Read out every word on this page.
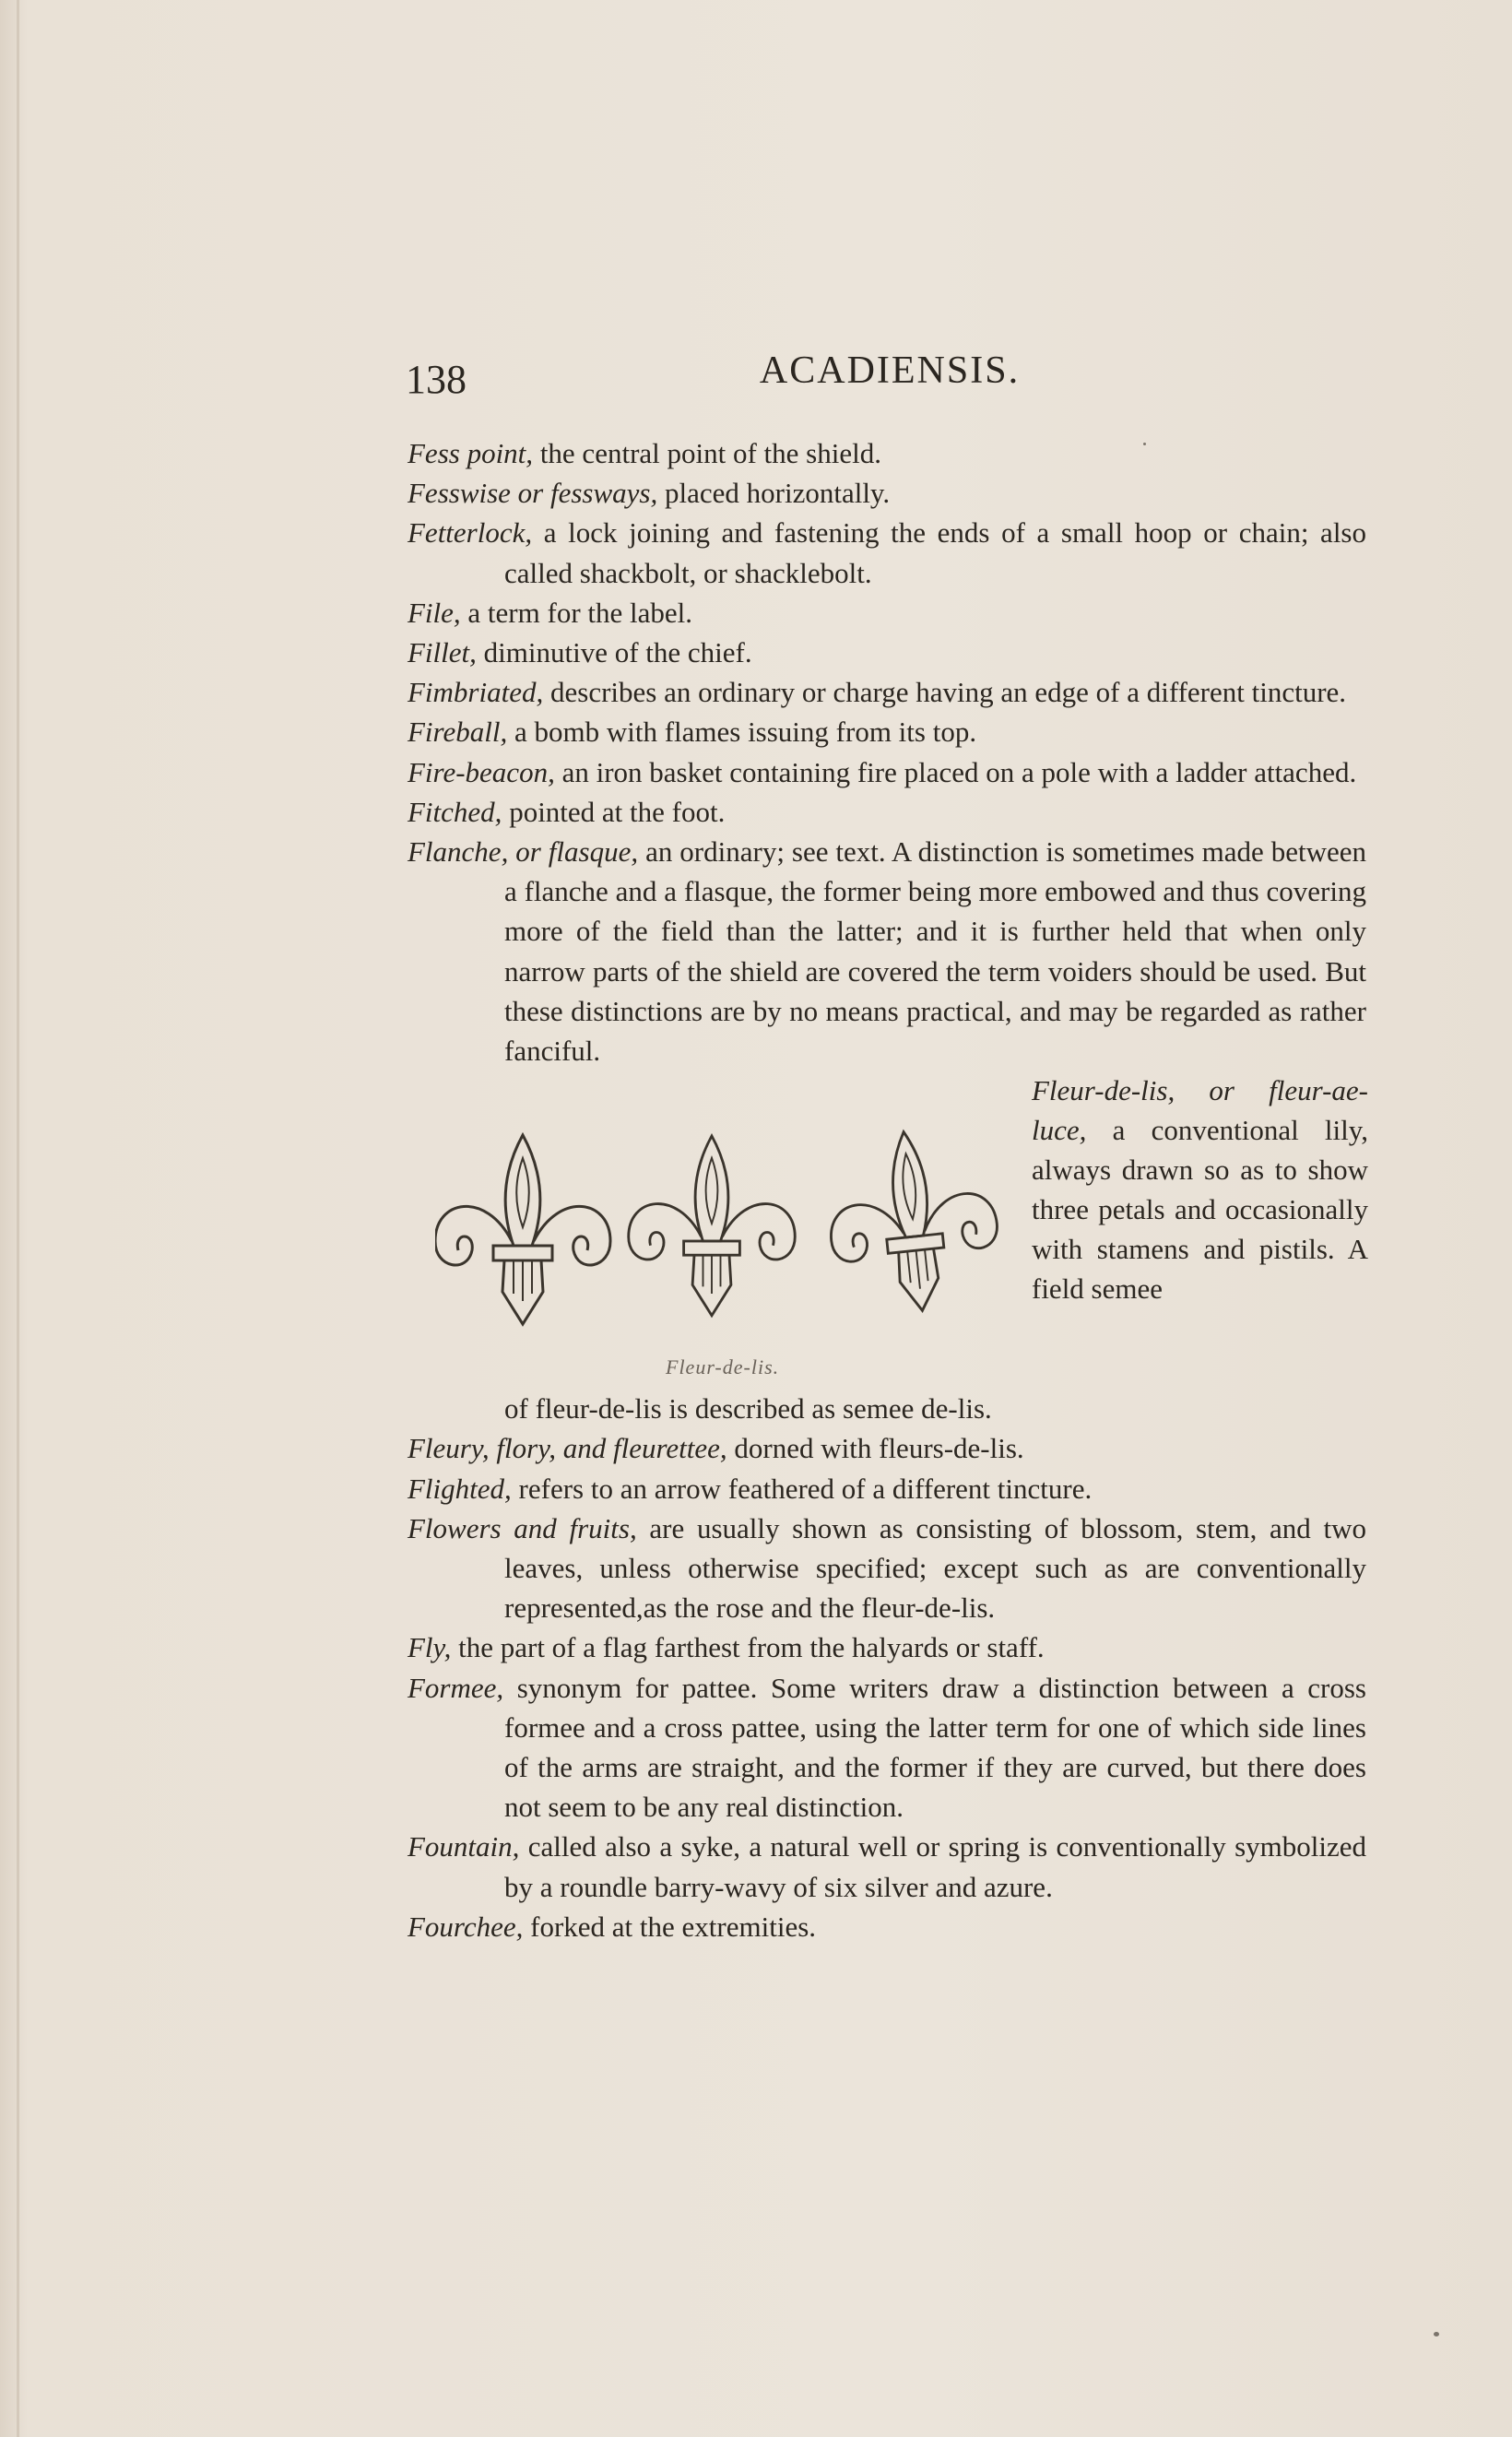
138	ACADIENSIS.

Fess point, the central point of the shield.

Fesswise or fessways, placed horizontally.

Fetterlock, a lock joining and fastening the ends of a small hoop or chain; also called shackbolt, or shacklebolt.

File, a term for the label.

Fillet, diminutive of the chief.

Fimbriated, describes an ordinary or charge having an edge of a different tincture.

Fireball, a bomb with flames issuing from its top.

Fire-beacon, an iron basket containing fire placed on a pole with a ladder attached.

Fitched, pointed at the foot.

Flanche, or flasque, an ordinary; see text. A distinction is sometimes made between a flanche and a flasque, the former being more embowed and thus covering more of the field than the latter; and it is further held that when only narrow parts of the shield are covered the term voiders should be used. But these distinctions are by no means practical, and may be regarded as rather fanciful.

Fleur-de-lis, or fleur-ae-luce, a conventional lily, always drawn so as to show three petals and occasionally with stamens and pistils. A field semee
Fleur-de-lis.

of fleur-de-lis is described as semee de-lis.

Fleury, flory, and fleurettee, dorned with fleurs-de-lis.

Flighted, refers to an arrow feathered of a different tincture.

Flowers and fruits, are usually shown as consisting of blossom, stem, and two leaves, unless otherwise specified; except such as are conventionally represented,as the rose and the fleur-de-lis.

Fly, the part of a flag farthest from the halyards or staff.

Formee, synonym for pattee. Some writers draw a distinction between a cross formee and a cross pattee, using the latter term for one of which side lines of the arms are straight, and the former if they are curved, but there does not seem to be any real distinction.

Fountain, called also a syke, a natural well or spring is conventionally symbolized by a roundle barry-wavy of six silver and azure.

Fourchee, forked at the extremities.
